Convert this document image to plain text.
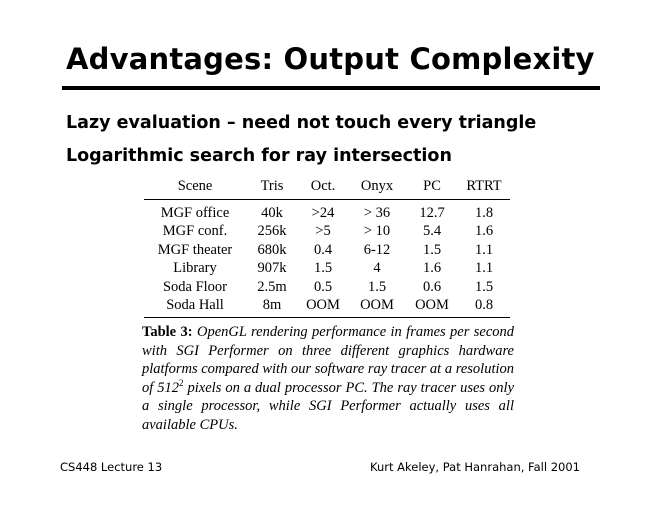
Advantages: Output Complexity
Lazy evaluation – need not touch every triangle
Logarithmic search for ray intersection
Scene	Tris	Oct.	Onyx	PC	RTRT
MGF office	40k	>24	> 36	12.7	1.8
MGF conf.	256k	>5	> 10	5.4	1.6
MGF theater	680k	0.4	6-12	1.5	1.1
Library	907k	1.5	4	1.6	1.1
Soda Floor	2.5m	0.5	1.5	0.6	1.5
Soda Hall	8m	OOM	OOM	OOM	0.8
Table 3: OpenGL rendering performance in frames per second with SGI Performer on three different graphics hardware platforms compared with our software ray tracer at a resolution of $512^2$ pixels on a dual processor PC. The ray tracer uses only a single processor, while SGI Performer actually uses all available CPUs.
CS448 Lecture 13	Kurt Akeley, Pat Hanrahan, Fall 2001
